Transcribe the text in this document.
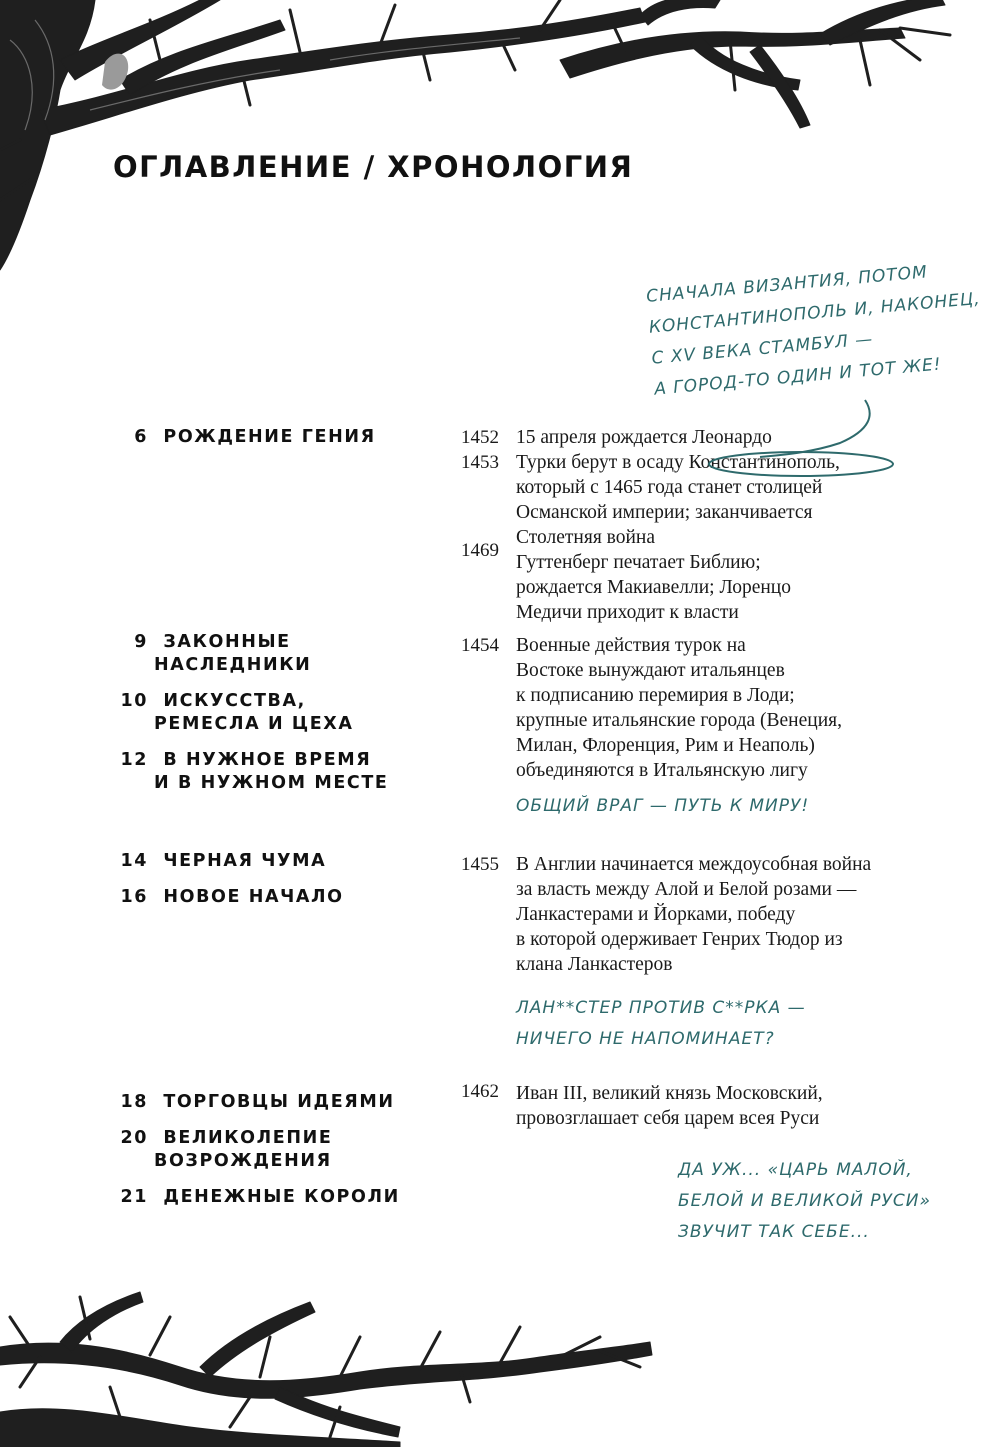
ОГЛАВЛЕНИЕ / ХРОНОЛОГИЯ
6 РОЖДЕНИЕ ГЕНИЯ
9 ЗАКОННЫЕ
НАСЛЕДНИКИ
10 ИСКУССТВА,
РЕМЕСЛА И ЦЕХА
12 В НУЖНОЕ ВРЕМЯ
И В НУЖНОМ МЕСТЕ
14 ЧЕРНАЯ ЧУМА
16 НОВОЕ НАЧАЛО
18 ТОРГОВЦЫ ИДЕЯМИ
20 ВЕЛИКОЛЕПИЕ
ВОЗРОЖДЕНИЯ
21 ДЕНЕЖНЫЕ КОРОЛИ
1452 15 апреля рождается Леонардо
1453 Турки берут в осаду Константинополь,
который с 1465 года станет столицей
Османской империи; заканчивается
Столетняя война
1469
Гуттенберг печатает Библию;
рождается Макиавелли; Лоренцо
Медичи приходит к власти
1454 Военные действия турок на
Востоке вынуждают итальянцев
к подписанию перемирия в Лоди;
крупные итальянские города (Венеция,
Милан, Флоренция, Рим и Неаполь)
объединяются в Итальянскую лигу
1455 В Англии начинается междоусобная война
за власть между Алой и Белой розами —
Ланкастерами и Йорками, победу
в которой одерживает Генрих Тюдор из
клана Ланкастеров
1462 Иван III, великий князь Московский,
провозглашает себя царем всея Руси
СНАЧАЛА ВИЗАНТИЯ, ПОТОМ
КОНСТАНТИНОПОЛЬ И, НАКОНЕЦ,
С XV ВЕКА СТАМБУЛ —
А ГОРОД-ТО ОДИН И ТОТ ЖЕ!
ОБЩИЙ ВРАГ — ПУТЬ К МИРУ!
ЛАН**СТЕР ПРОТИВ С**РКА —
НИЧЕГО НЕ НАПОМИНАЕТ?
ДА УЖ... «ЦАРЬ МАЛОЙ,
БЕЛОЙ И ВЕЛИКОЙ РУСИ»
ЗВУЧИТ ТАК СЕБЕ...
